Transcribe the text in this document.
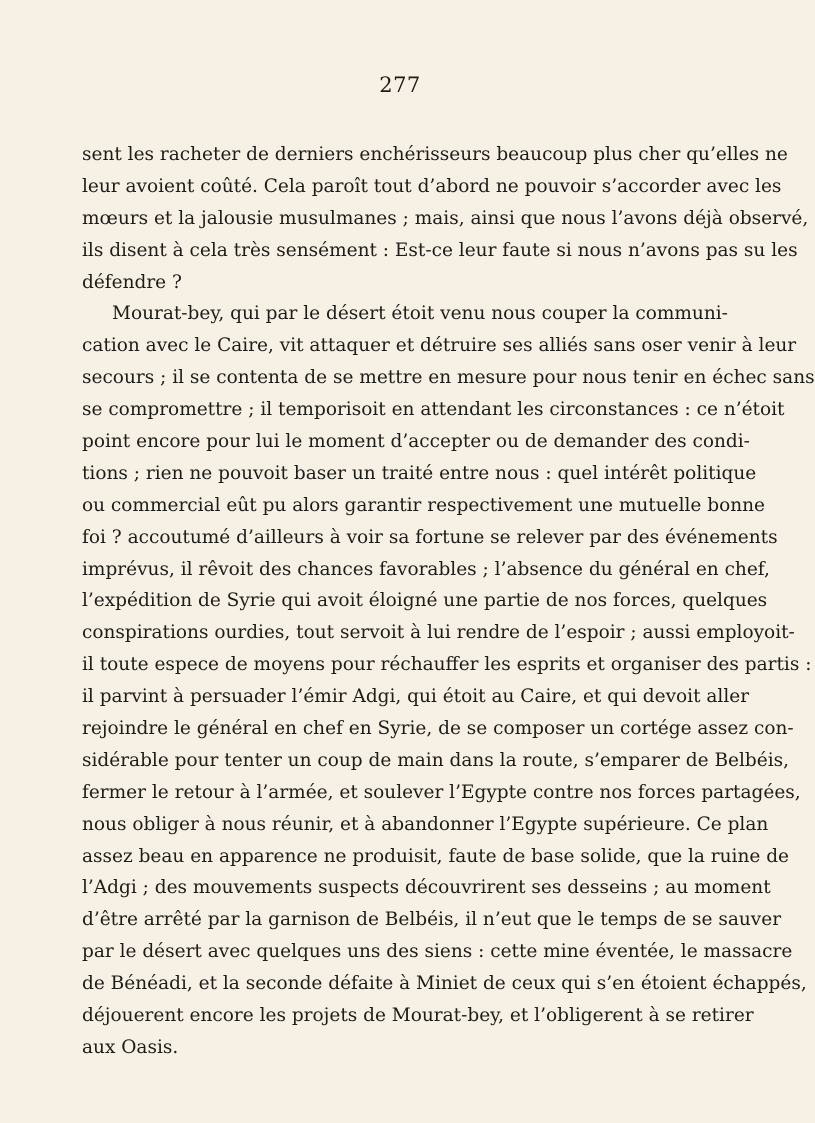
277
sent les racheter de derniers enchérisseurs beaucoup plus cher qu’elles ne
leur avoient coûté. Cela paroît tout d’abord ne pouvoir s’accorder avec les
mœurs et la jalousie musulmanes ; mais, ainsi que nous l’avons déjà observé,
ils disent à cela très sensément : Est-ce leur faute si nous n’avons pas su les
défendre ?
Mourat-bey, qui par le désert étoit venu nous couper la communi-
cation avec le Caire, vit attaquer et détruire ses alliés sans oser venir à leur
secours ; il se contenta de se mettre en mesure pour nous tenir en échec sans
se compromettre ; il temporisoit en attendant les circonstances : ce n’étoit
point encore pour lui le moment d’accepter ou de demander des condi-
tions ; rien ne pouvoit baser un traité entre nous : quel intérêt politique
ou commercial eût pu alors garantir respectivement une mutuelle bonne
foi ? accoutumé d’ailleurs à voir sa fortune se relever par des événements
imprévus, il rêvoit des chances favorables ; l’absence du général en chef,
l’expédition de Syrie qui avoit éloigné une partie de nos forces, quelques
conspirations ourdies, tout servoit à lui rendre de l’espoir ; aussi employoit-
il toute espece de moyens pour réchauffer les esprits et organiser des partis :
il parvint à persuader l’émir Adgi, qui étoit au Caire, et qui devoit aller
rejoindre le général en chef en Syrie, de se composer un cortége assez con-
sidérable pour tenter un coup de main dans la route, s’emparer de Belbéis,
fermer le retour à l’armée, et soulever l’Egypte contre nos forces partagées,
nous obliger à nous réunir, et à abandonner l’Egypte supérieure. Ce plan
assez beau en apparence ne produisit, faute de base solide, que la ruine de
l’Adgi ; des mouvements suspects découvrirent ses desseins ; au moment
d’être arrêté par la garnison de Belbéis, il n’eut que le temps de se sauver
par le désert avec quelques uns des siens : cette mine éventée, le massacre
de Bénéadi, et la seconde défaite à Miniet de ceux qui s’en étoient échappés,
déjouerent encore les projets de Mourat-bey, et l’obligerent à se retirer
aux Oasis.
